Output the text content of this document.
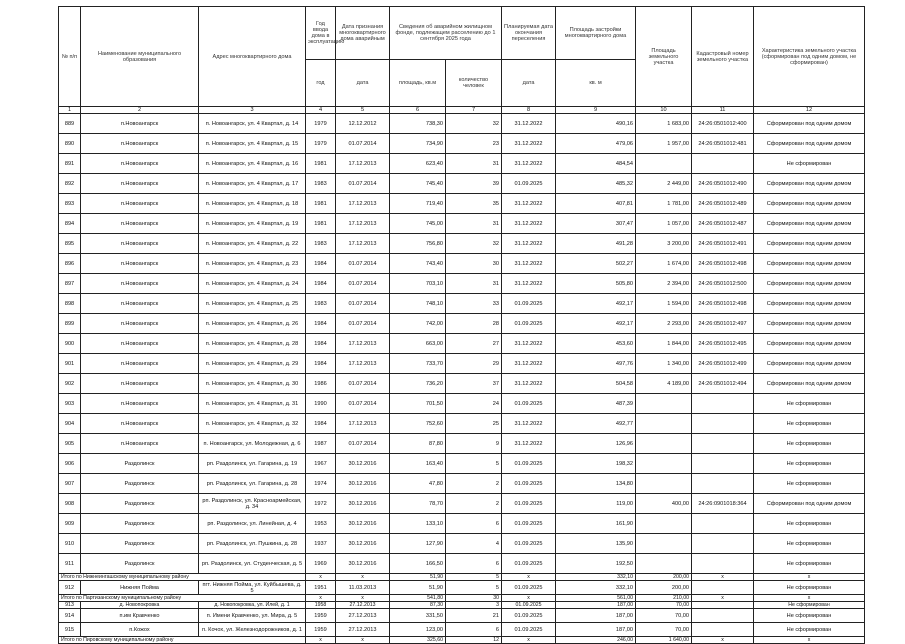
№ п/п	Наименование муниципального образования	Адрес многоквартирного дома	Год ввода дома в эксплуатацию	Дата признания многоквартирного дома аварийным	Сведения об аварийном жилищном фонде, подлежащем расселению до 1 сентября 2025 года		Планируемая дата окончания переселения	Площадь застройки многоквартирного дома	Площадь земельного участка	Кадастровый номер земельного участка	Характеристика земельного участка (сформирован под одним домом, не сформирован)
			год	дата	площадь, кв.м	количество человек	дата	кв. м			
1	2	3	4	5	6	7	8	9	10	11	12
889	п.Новоангарск	п. Новоангарск, ул. 4 Квартал, д. 14	1979	12.12.2012	738,30	32	31.12.2022	490,16	1 683,00	24:26:0501012:400	Сформирован под одним домом
890	п.Новоангарск	п. Новоангарск, ул. 4 Квартал, д. 15	1979	01.07.2014	734,90	23	31.12.2022	479,06	1 957,00	24:26:0501012:481	Сформирован под одним домом
891	п.Новоангарск	п. Новоангарск, ул. 4 Квартал, д. 16	1981	17.12.2013	623,40	31	31.12.2022	484,54			Не сформирован
892	п.Новоангарск	п. Новоангарск, ул. 4 Квартал, д. 17	1983	01.07.2014	745,40	39	01.09.2025	485,32	2 449,00	24:26:0501012:490	Сформирован под одним домом
893	п.Новоангарск	п. Новоангарск, ул. 4 Квартал, д. 18	1981	17.12.2013	719,40	35	31.12.2022	407,81	1 781,00	24:26:0501012:489	Сформирован под одним домом
894	п.Новоангарск	п. Новоангарск, ул. 4 Квартал, д. 19	1981	17.12.2013	745,00	31	31.12.2022	307,47	1 057,00	24:26:0501012:487	Сформирован под одним домом
895	п.Новоангарск	п. Новоангарск, ул. 4 Квартал, д. 22	1983	17.12.2013	756,80	32	31.12.2022	491,28	3 200,00	24:26:0501012:491	Сформирован под одним домом
896	п.Новоангарск	п. Новоангарск, ул. 4 Квартал, д. 23	1984	01.07.2014	743,40	30	31.12.2022	502,27	1 674,00	24:26:0501012:498	Сформирован под одним домом
897	п.Новоангарск	п. Новоангарск, ул. 4 Квартал, д. 24	1984	01.07.2014	703,10	31	31.12.2022	505,80	2 394,00	24:26:0501012:500	Сформирован под одним домом
898	п.Новоангарск	п. Новоангарск, ул. 4 Квартал, д. 25	1983	01.07.2014	748,10	33	01.09.2025	492,17	1 594,00	24:26:0501012:498	Сформирован под одним домом
899	п.Новоангарск	п. Новоангарск, ул. 4 Квартал, д. 26	1984	01.07.2014	742,00	28	01.09.2025	492,17	2 293,00	24:26:0501012:497	Сформирован под одним домом
900	п.Новоангарск	п. Новоангарск, ул. 4 Квартал, д. 28	1984	17.12.2013	663,00	27	31.12.2022	453,60	1 844,00	24:26:0501012:495	Сформирован под одним домом
901	п.Новоангарск	п. Новоангарск, ул. 4 Квартал, д. 29	1984	17.12.2013	733,70	29	31.12.2022	497,76	1 340,00	24:26:0501012:499	Сформирован под одним домом
902	п.Новоангарск	п. Новоангарск, ул. 4 Квартал, д. 30	1986	01.07.2014	736,20	37	31.12.2022	504,58	4 189,00	24:26:0501012:494	Сформирован под одним домом
903	п.Новоангарск	п. Новоангарск, ул. 4 Квартал, д. 31	1990	01.07.2014	701,50	24	01.09.2025	487,39			Не сформирован
904	п.Новоангарск	п. Новоангарск, ул. 4 Квартал, д. 32	1984	17.12.2013	752,60	25	31.12.2022	492,77			Не сформирован
905	п.Новоангарск	п. Новоангарск, ул. Молодежная, д. 6	1987	01.07.2014	87,80	9	31.12.2022	126,96			Не сформирован
906	Раздолинск	рп. Раздолинск, ул. Гагарина, д. 19	1967	30.12.2016	163,40	5	01.09.2025	198,32			Не сформирован
907	Раздолинск	рп. Раздолинск, ул. Гагарина, д. 28	1974	30.12.2016	47,80	2	01.09.2025	134,80			Не сформирован
908	Раздолинск	рп. Раздолинск, ул. Красноармейская, д. 34	1972	30.12.2016	78,70	2	01.09.2025	119,00	400,00	24:26:0901018:364	Сформирован под одним домом
909	Раздолинск	рп. Раздолинск, ул. Линейная, д. 4	1953	30.12.2016	133,10	6	01.09.2025	161,90			Не сформирован
910	Раздолинск	рп. Раздолинск, ул. Пушкина, д. 28	1937	30.12.2016	127,90	4	01.09.2025	135,90			Не сформирован
911	Раздолинск	рп. Раздолинск, ул. Студенческая, д. 5	1969	30.12.2016	166,50	6	01.09.2025	192,50			Не сформирован
Итого по Нижнеингашскому муниципальному району			x	x	51,90	5	x	332,10	200,00	x	x
912	Нижняя Пойма	пгт. Нижняя Пойма, ул. Куйбышева, д. 5	1951	11.03.2013	51,90	5	01.09.2025	332,10	200,00		Не сформирован
Итого по Партизанскому муниципальному району			x	x	541,80	30	x	561,00	210,00	x	x
913	д. Новопокровка	д. Новопокровка, ул. Илей, д. 1	1958	27.12.2013	87,30	3	01.09.2025	187,00	70,00		Не сформирован
914	п.им Кравченко	п. Имени Кравченко, ул. Мира, д. 5	1959	27.12.2013	331,50	21	01.09.2025	187,00	70,00		Не сформирован
915	п.Кожох	п. Кочох, ул. Железнодорожников, д. 1	1959	27.12.2013	123,00	6	01.09.2025	187,00	70,00		Не сформирован
Итого по Пировскому муниципальному району			x	x	325,60	12	x	246,00	1 640,00	x	x
